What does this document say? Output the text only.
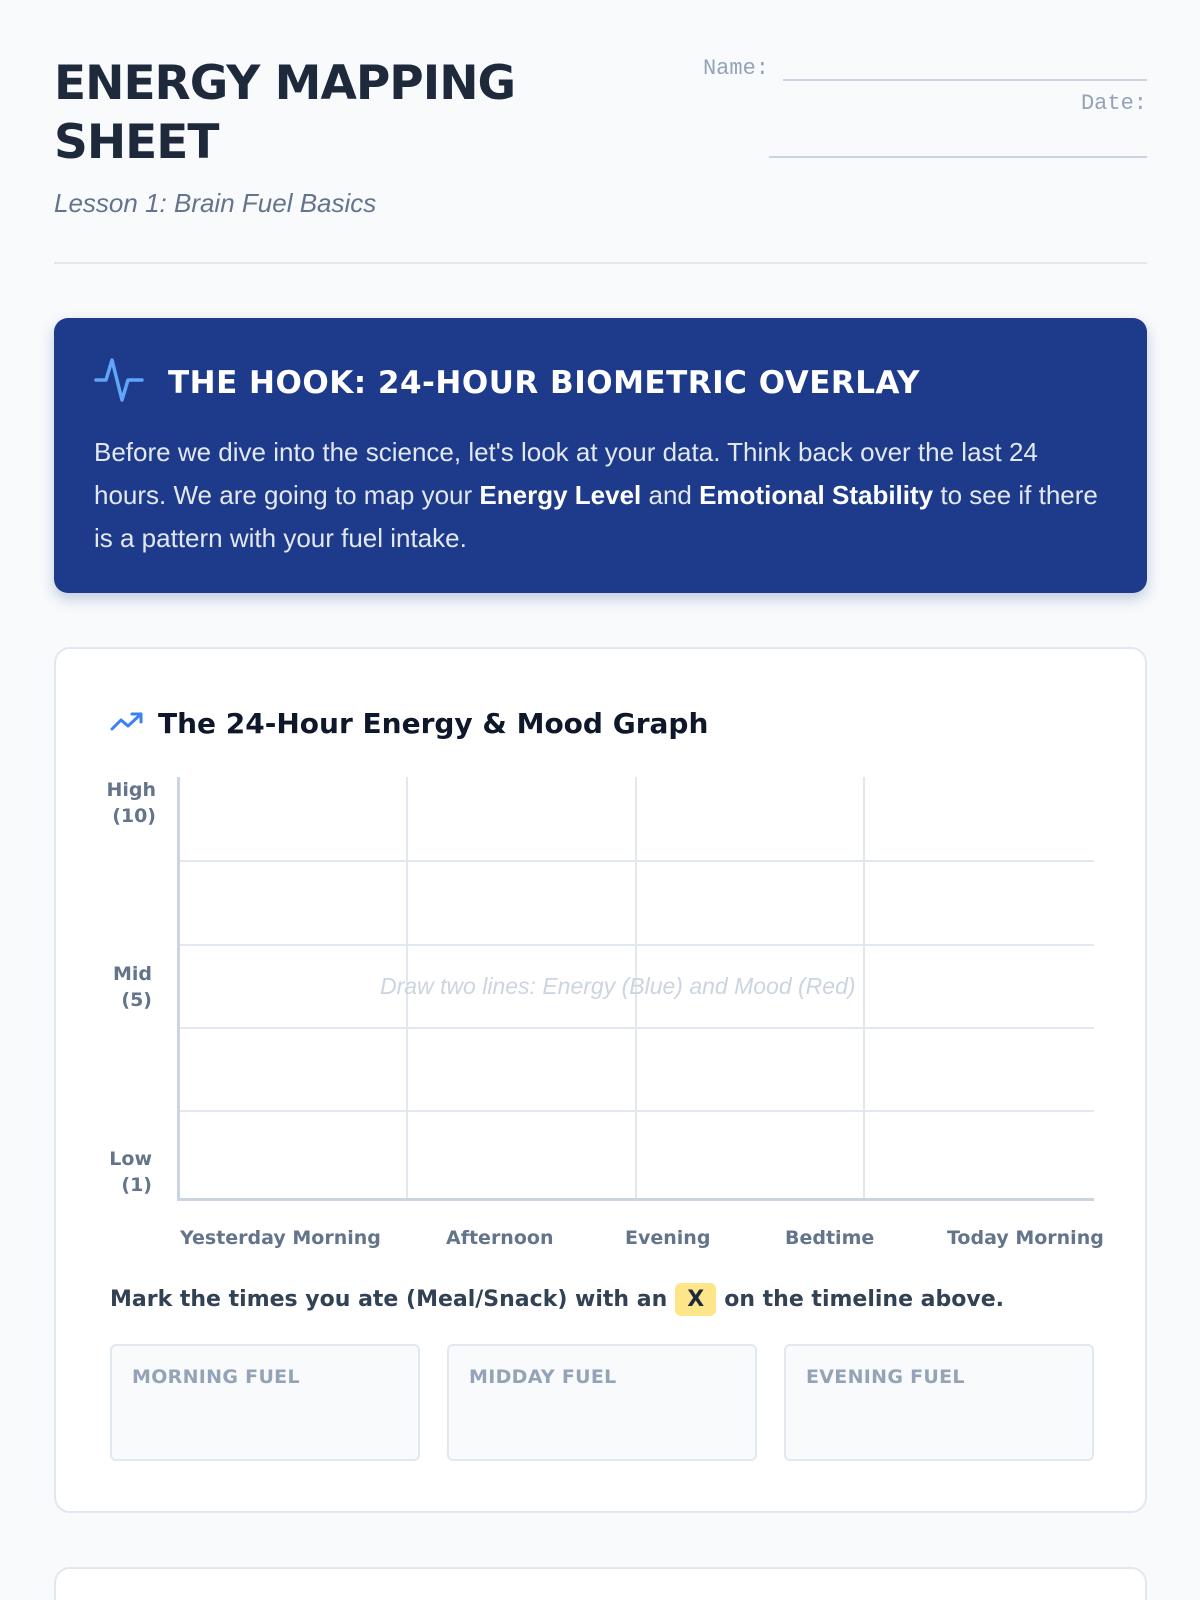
ENERGY MAPPING SHEET
Lesson 1: Brain Fuel Basics
Name:
Date:
THE HOOK: 24-HOUR BIOMETRIC OVERLAY

Before we dive into the science, let's look at your data. Think back over the last 24 hours. We are going to map your Energy Level and Emotional Stability to see if there is a pattern with your fuel intake.

The 24-Hour Energy & Mood Graph
High
(10)
Mid
(5)
Low
(1)
Draw two lines: Energy (Blue) and Mood (Red)
Yesterday Morning	Afternoon	Evening	Bedtime	Today Morning
Mark the times you ate (Meal/Snack) with an X on the timeline above.
MORNING FUEL	MIDDAY FUEL	EVENING FUEL
